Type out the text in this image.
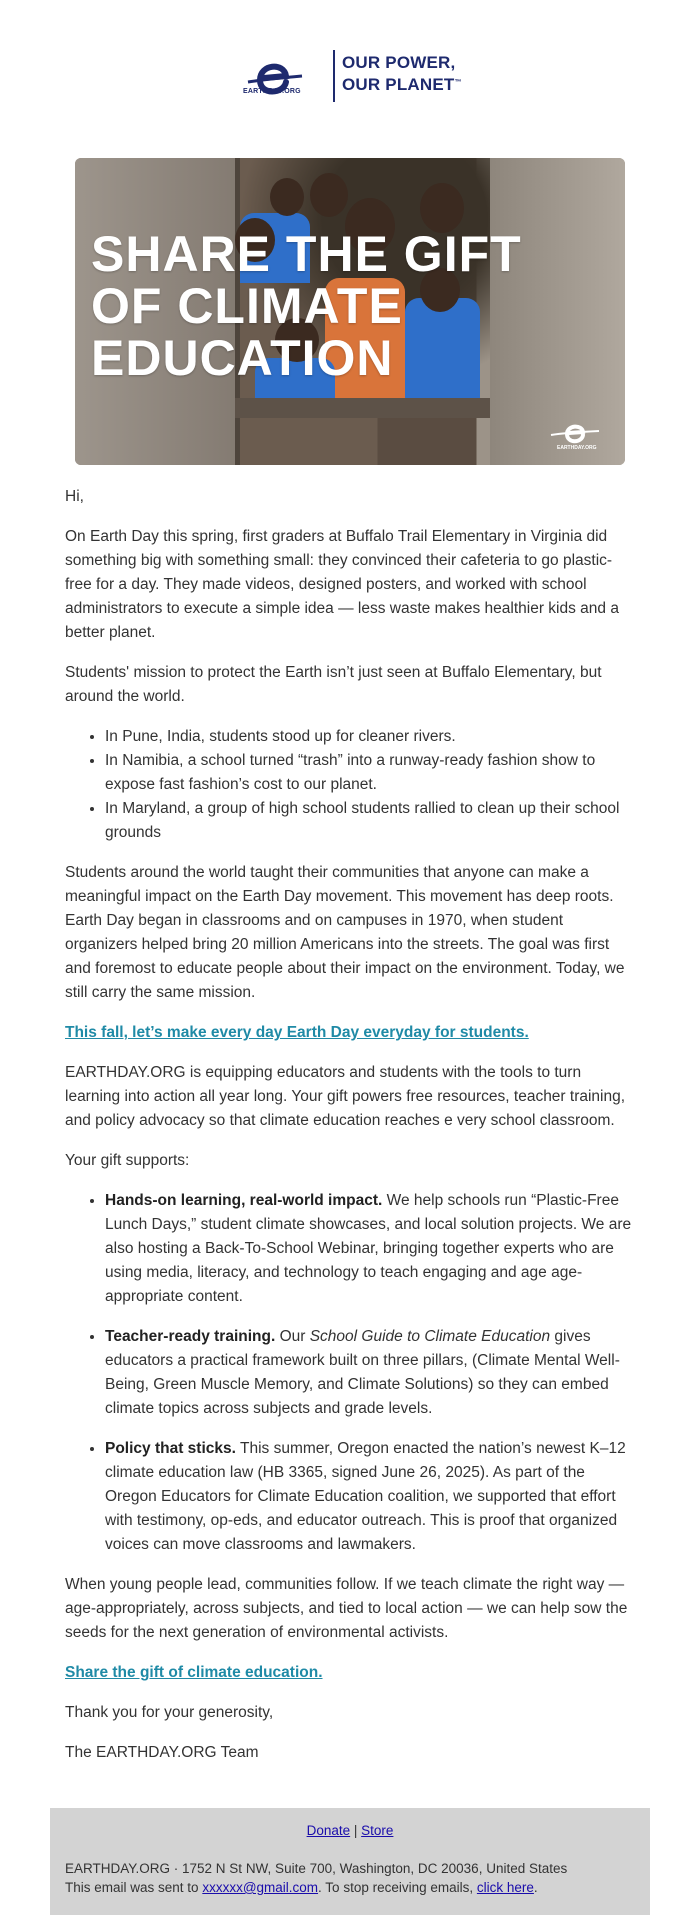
EARTHDAY.ORG
OUR POWER,
OUR PLANET™
SHARE THE GIFT
OF CLIMATE
EDUCATION
EARTHDAY.ORG

Hi,

On Earth Day this spring, first graders at Buffalo Trail Elementary in Virginia did something big with something small: they convinced their cafeteria to go plastic-free for a day. They made videos, designed posters, and worked with school administrators to execute a simple idea — less waste makes healthier kids and a better planet.

Students' mission to protect the Earth isn’t just seen at Buffalo Elementary, but around the world.

• In Pune, India, students stood up for cleaner rivers.
• In Namibia, a school turned “trash” into a runway-ready fashion show to expose fast fashion’s cost to our planet.
• In Maryland, a group of high school students rallied to clean up their school grounds

Students around the world taught their communities that anyone can make a meaningful impact on the Earth Day movement. This movement has deep roots. Earth Day began in classrooms and on campuses in 1970, when student organizers helped bring 20 million Americans into the streets. The goal was first and foremost to educate people about their impact on the environment. Today, we still carry the same mission.

This fall, let’s make every day Earth Day everyday for students.

EARTHDAY.ORG is equipping educators and students with the tools to turn learning into action all year long. Your gift powers free resources, teacher training, and policy advocacy so that climate education reaches e very school classroom.

Your gift supports:

• Hands-on learning, real-world impact. We help schools run “Plastic-Free Lunch Days,” student climate showcases, and local solution projects. We are also hosting a Back-To-School Webinar, bringing together experts who are using media, literacy, and technology to teach engaging and age age-appropriate content.
• Teacher-ready training. Our School Guide to Climate Education gives educators a practical framework built on three pillars, (Climate Mental Well-Being, Green Muscle Memory, and Climate Solutions) so they can embed climate topics across subjects and grade levels.
• Policy that sticks. This summer, Oregon enacted the nation’s newest K–12 climate education law (HB 3365, signed June 26, 2025). As part of the Oregon Educators for Climate Education coalition, we supported that effort with testimony, op-eds, and educator outreach. This is proof that organized voices can move classrooms and lawmakers.

When young people lead, communities follow. If we teach climate the right way — age-appropriately, across subjects, and tied to local action — we can help sow the seeds for the next generation of environmental activists.

Share the gift of climate education.

Thank you for your generosity,

The EARTHDAY.ORG Team

Donate | Store
EARTHDAY.ORG · 1752 N St NW, Suite 700, Washington, DC 20036, United States
This email was sent to xxxxxx@gmail.com. To stop receiving emails, click here.
